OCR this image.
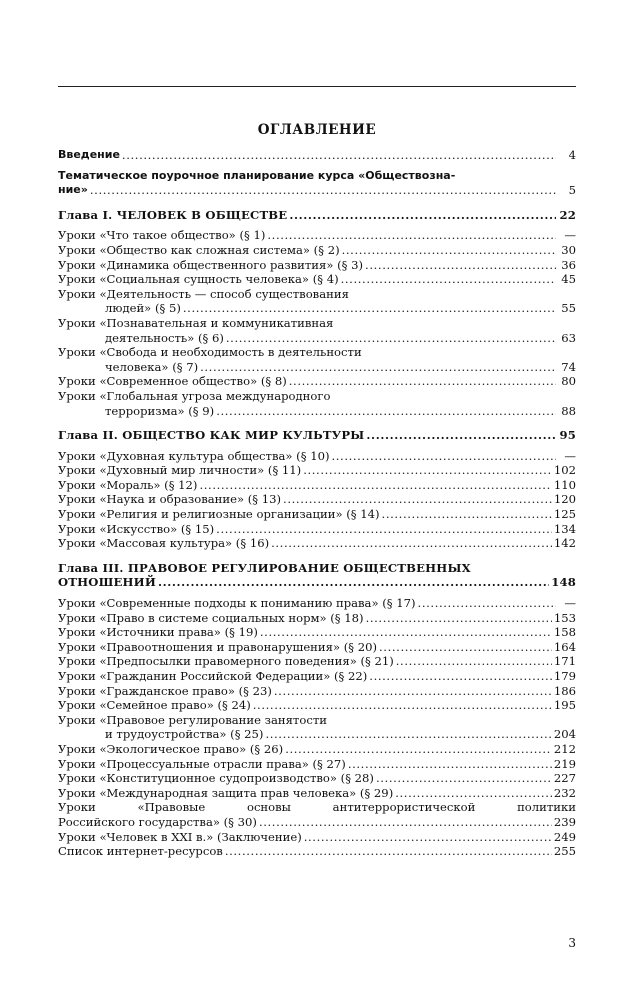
ОГЛАВЛЕНИЕ
Введение .....	4
Тематическое поурочное планирование курса «Обществозна-
ние» .....	5
Глава I. ЧЕЛОВЕК В ОБЩЕСТВЕ .....	22
Уроки «Что такое общество» (§ 1) .....	—
Уроки «Общество как сложная система» (§ 2) .....	30
Уроки «Динамика общественного развития» (§ 3) .....	36
Уроки «Социальная сущность человека» (§ 4) .....	45
Уроки «Деятельность — способ существования
людей» (§ 5) .....	55
Уроки «Познавательная и коммуникативная
деятельность» (§ 6) .....	63
Уроки «Свобода и необходимость в деятельности
человека» (§ 7) .....	74
Уроки «Современное общество» (§ 8) .....	80
Уроки «Глобальная угроза международного
терроризма» (§ 9) .....	88
Глава II. ОБЩЕСТВО КАК МИР КУЛЬТУРЫ .....	95
Уроки «Духовная культура общества» (§ 10) .....	—
Уроки «Духовный мир личности» (§ 11) .....	102
Уроки «Мораль» (§ 12) .....	110
Уроки «Наука и образование» (§ 13) .....	120
Уроки «Религия и религиозные организации» (§ 14) .....	125
Уроки «Искусство» (§ 15) .....	134
Уроки «Массовая культура» (§ 16) .....	142
Глава III. ПРАВОВОЕ РЕГУЛИРОВАНИЕ ОБЩЕСТВЕННЫХ
ОТНОШЕНИЙ .....	148
Уроки «Современные подходы к пониманию права» (§ 17) .....	—
Уроки «Право в системе социальных норм» (§ 18) .....	153
Уроки «Источники права» (§ 19) .....	158
Уроки «Правоотношения и правонарушения» (§ 20) .....	164
Уроки «Предпосылки правомерного поведения» (§ 21) .....	171
Уроки «Гражданин Российской Федерации» (§ 22) .....	179
Уроки «Гражданское право» (§ 23) .....	186
Уроки «Семейное право» (§ 24) .....	195
Уроки «Правовое регулирование занятости
и трудоустройства» (§ 25) .....	204
Уроки «Экологическое право» (§ 26) .....	212
Уроки «Процессуальные отрасли права» (§ 27) .....	219
Уроки «Конституционное судопроизводство» (§ 28) .....	227
Уроки «Международная защита прав человека» (§ 29) .....	232
Уроки «Правовые основы антитеррористической политики
Российского государства» (§ 30) .....	239
Уроки «Человек в XXI в.» (Заключение) .....	249
Список интернет-ресурсов .....	255
3
